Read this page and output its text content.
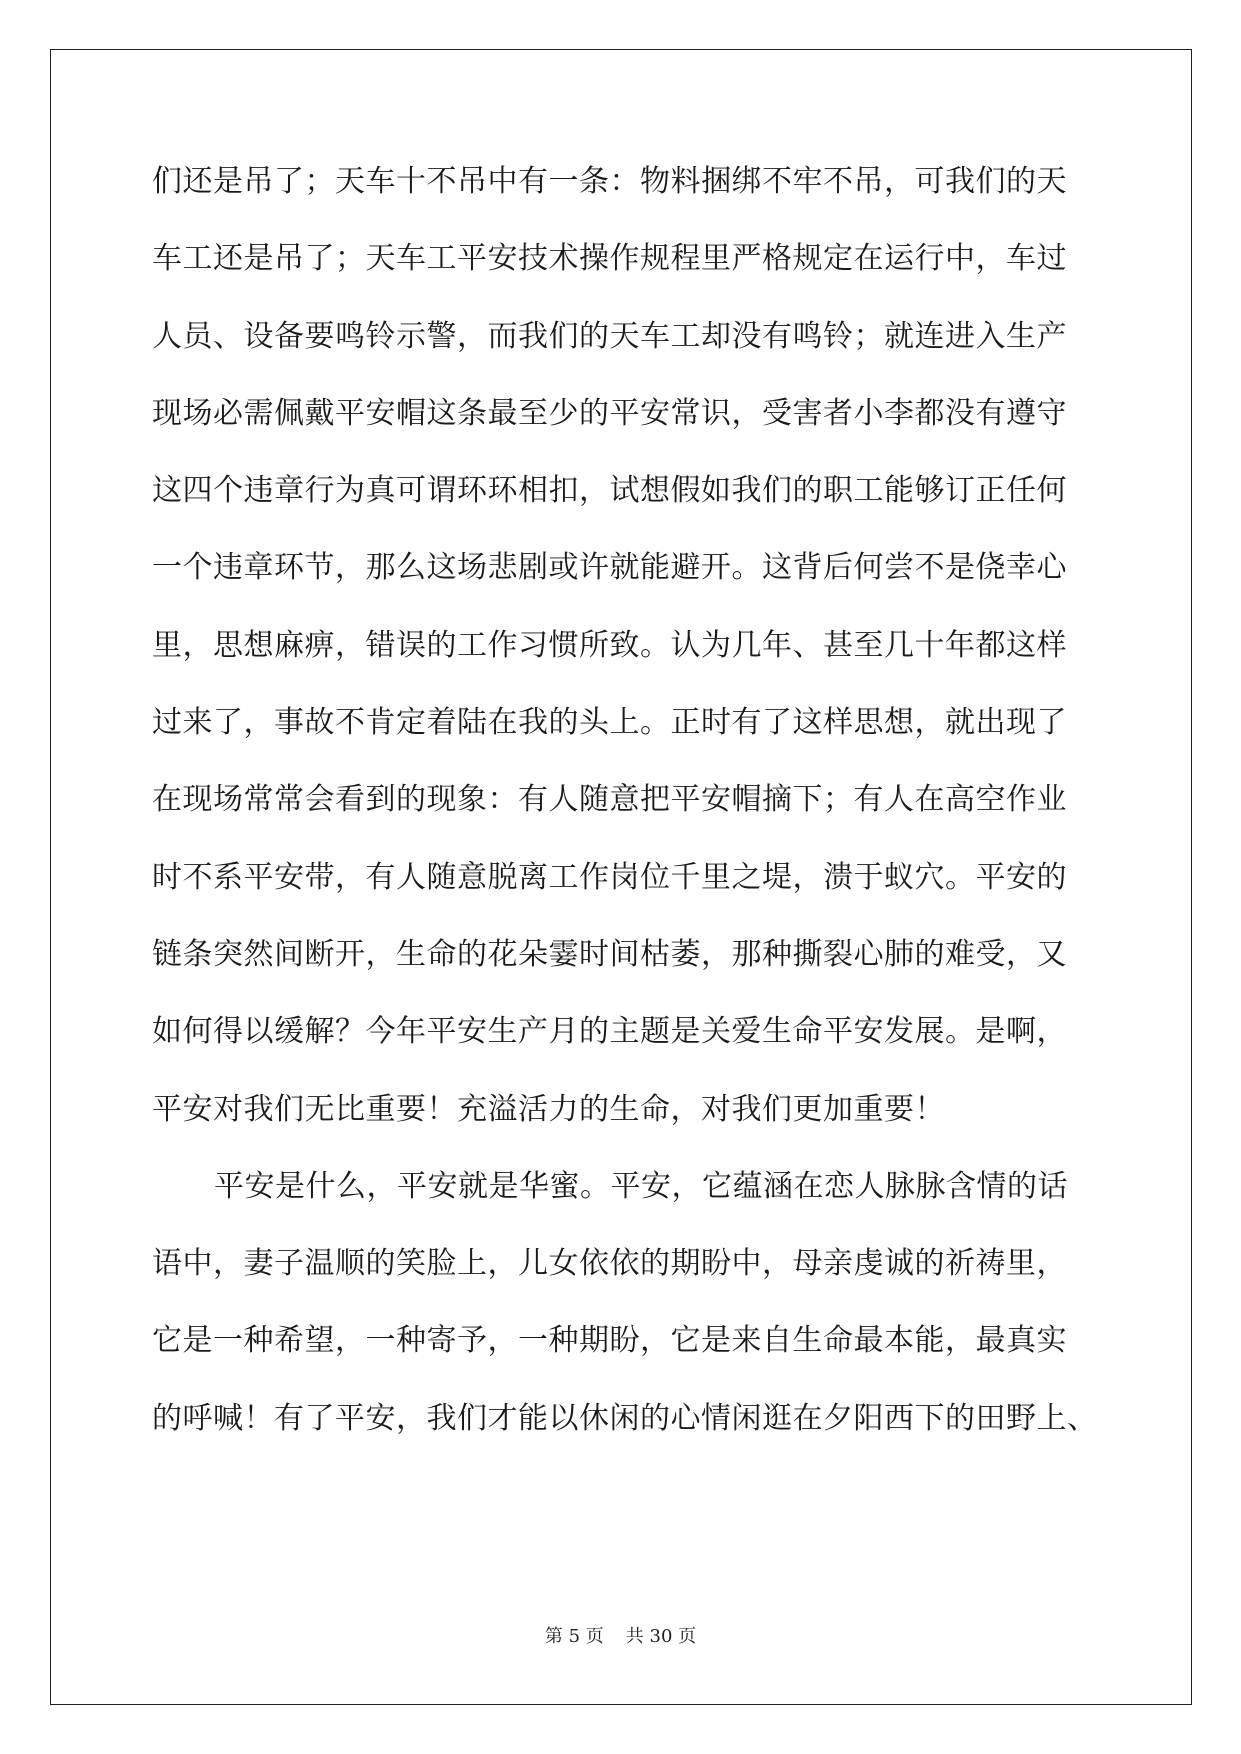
们还是吊了；天车十不吊中有一条：物料捆绑不牢不吊，可我们的天
车工还是吊了；天车工平安技术操作规程里严格规定在运行中，车过
人员、设备要鸣铃示警，而我们的天车工却没有鸣铃；就连进入生产
现场必需佩戴平安帽这条最至少的平安常识，受害者小李都没有遵守
这四个违章行为真可谓环环相扣，试想假如我们的职工能够订正任何
一个违章环节，那么这场悲剧或许就能避开。这背后何尝不是侥幸心
里，思想麻痹，错误的工作习惯所致。认为几年、甚至几十年都这样
过来了，事故不肯定着陆在我的头上。正时有了这样思想，就出现了
在现场常常会看到的现象：有人随意把平安帽摘下；有人在高空作业
时不系平安带，有人随意脱离工作岗位千里之堤，溃于蚁穴。平安的
链条突然间断开，生命的花朵霎时间枯萎，那种撕裂心肺的难受，又
如何得以缓解？今年平安生产月的主题是关爱生命平安发展。是啊，
平安对我们无比重要！充溢活力的生命，对我们更加重要！
平安是什么，平安就是华蜜。平安，它蕴涵在恋人脉脉含情的话
语中，妻子温顺的笑脸上，儿女依依的期盼中，母亲虔诚的祈祷里，
它是一种希望，一种寄予，一种期盼，它是来自生命最本能，最真实
的呼喊！有了平安，我们才能以休闲的心情闲逛在夕阳西下的田野上、
第 5 页 共 30 页
